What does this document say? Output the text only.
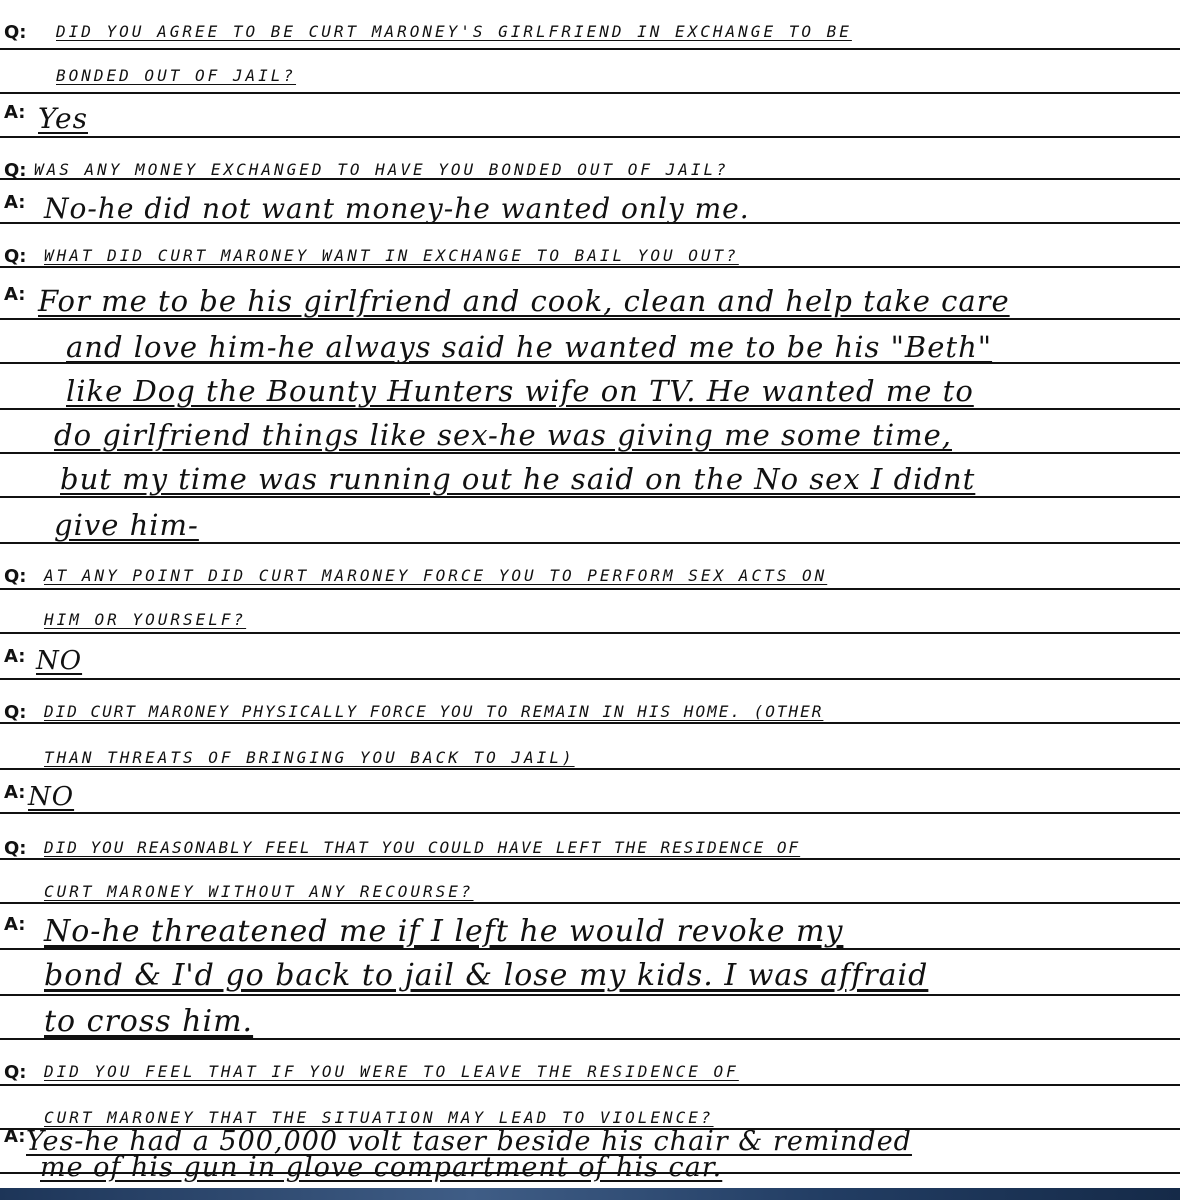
Q: DID YOU AGREE TO BE CURT MARONEY'S GIRLFRIEND IN EXCHANGE TO BE
BONDED OUT OF JAIL?
A: Yes
Q: WAS ANY MONEY EXCHANGED TO HAVE YOU BONDED OUT OF JAIL?
A: No-he did not want money-he wanted only me.
Q: WHAT DID CURT MARONEY WANT IN EXCHANGE TO BAIL YOU OUT?
A: For me to be his girlfriend and cook, clean and help take care
and love him-he always said he wanted me to be his "Beth"
like Dog the Bounty Hunters wife on TV. He wanted me to
do girlfriend things like sex-he was giving me some time,
but my time was running out he said on the No sex I didnt
give him-
Q: AT ANY POINT DID CURT MARONEY FORCE YOU TO PERFORM SEX ACTS ON
HIM OR YOURSELF?
A: NO
Q: DID CURT MARONEY PHYSICALLY FORCE YOU TO REMAIN IN HIS HOME. (OTHER
THAN THREATS OF BRINGING YOU BACK TO JAIL)
A: NO
Q: DID YOU REASONABLY FEEL THAT YOU COULD HAVE LEFT THE RESIDENCE OF
CURT MARONEY WITHOUT ANY RECOURSE?
A: No-he threatened me if I left he would revoke my
bond & I'd go back to jail & lose my kids. I was affraid
to cross him.
Q: DID YOU FEEL THAT IF YOU WERE TO LEAVE THE RESIDENCE OF
CURT MARONEY THAT THE SITUATION MAY LEAD TO VIOLENCE?
A: Yes-he had a 500,000 volt taser beside his chair & reminded
me of his gun in glove compartment of his car.
